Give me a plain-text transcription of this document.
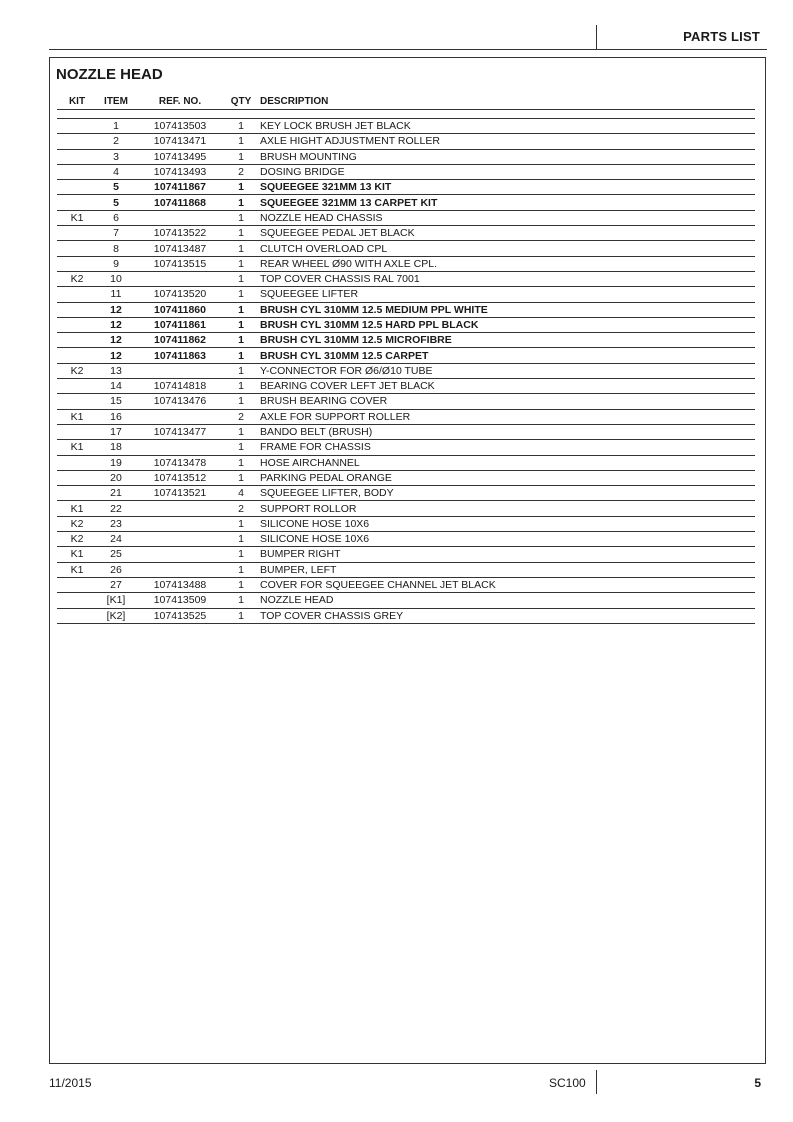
PARTS LIST
NOZZLE HEAD
KIT	ITEM	REF. NO.	QTY	DESCRIPTION

	1	107413503	1	KEY LOCK BRUSH JET BLACK
	2	107413471	1	AXLE HIGHT ADJUSTMENT ROLLER
	3	107413495	1	BRUSH MOUNTING
	4	107413493	2	DOSING BRIDGE
	5	107411867	1	SQUEEGEE 321MM 13 KIT
	5	107411868	1	SQUEEGEE 321MM 13 CARPET KIT
K1	6		1	NOZZLE HEAD CHASSIS
	7	107413522	1	SQUEEGEE PEDAL JET BLACK
	8	107413487	1	CLUTCH OVERLOAD CPL
	9	107413515	1	REAR WHEEL Ø90 WITH AXLE CPL.
K2	10		1	TOP COVER CHASSIS RAL 7001
	11	107413520	1	SQUEEGEE LIFTER
	12	107411860	1	BRUSH CYL 310MM 12.5 MEDIUM PPL WHITE
	12	107411861	1	BRUSH CYL 310MM 12.5 HARD PPL BLACK
	12	107411862	1	BRUSH CYL 310MM 12.5 MICROFIBRE
	12	107411863	1	BRUSH CYL 310MM 12.5 CARPET
K2	13		1	Y-CONNECTOR FOR Ø6/Ø10 TUBE
	14	107414818	1	BEARING COVER LEFT JET BLACK
	15	107413476	1	BRUSH BEARING COVER
K1	16		2	AXLE FOR SUPPORT ROLLER
	17	107413477	1	BANDO BELT (BRUSH)
K1	18		1	FRAME FOR CHASSIS
	19	107413478	1	HOSE AIRCHANNEL
	20	107413512	1	PARKING PEDAL ORANGE
	21	107413521	4	SQUEEGEE LIFTER, BODY
K1	22		2	SUPPORT ROLLOR
K2	23		1	SILICONE HOSE 10X6
K2	24		1	SILICONE HOSE 10X6
K1	25		1	BUMPER RIGHT
K1	26		1	BUMPER, LEFT
	27	107413488	1	COVER FOR SQUEEGEE CHANNEL JET BLACK
	[K1]	107413509	1	NOZZLE HEAD
	[K2]	107413525	1	TOP COVER CHASSIS GREY
11/2015	SC100	5
